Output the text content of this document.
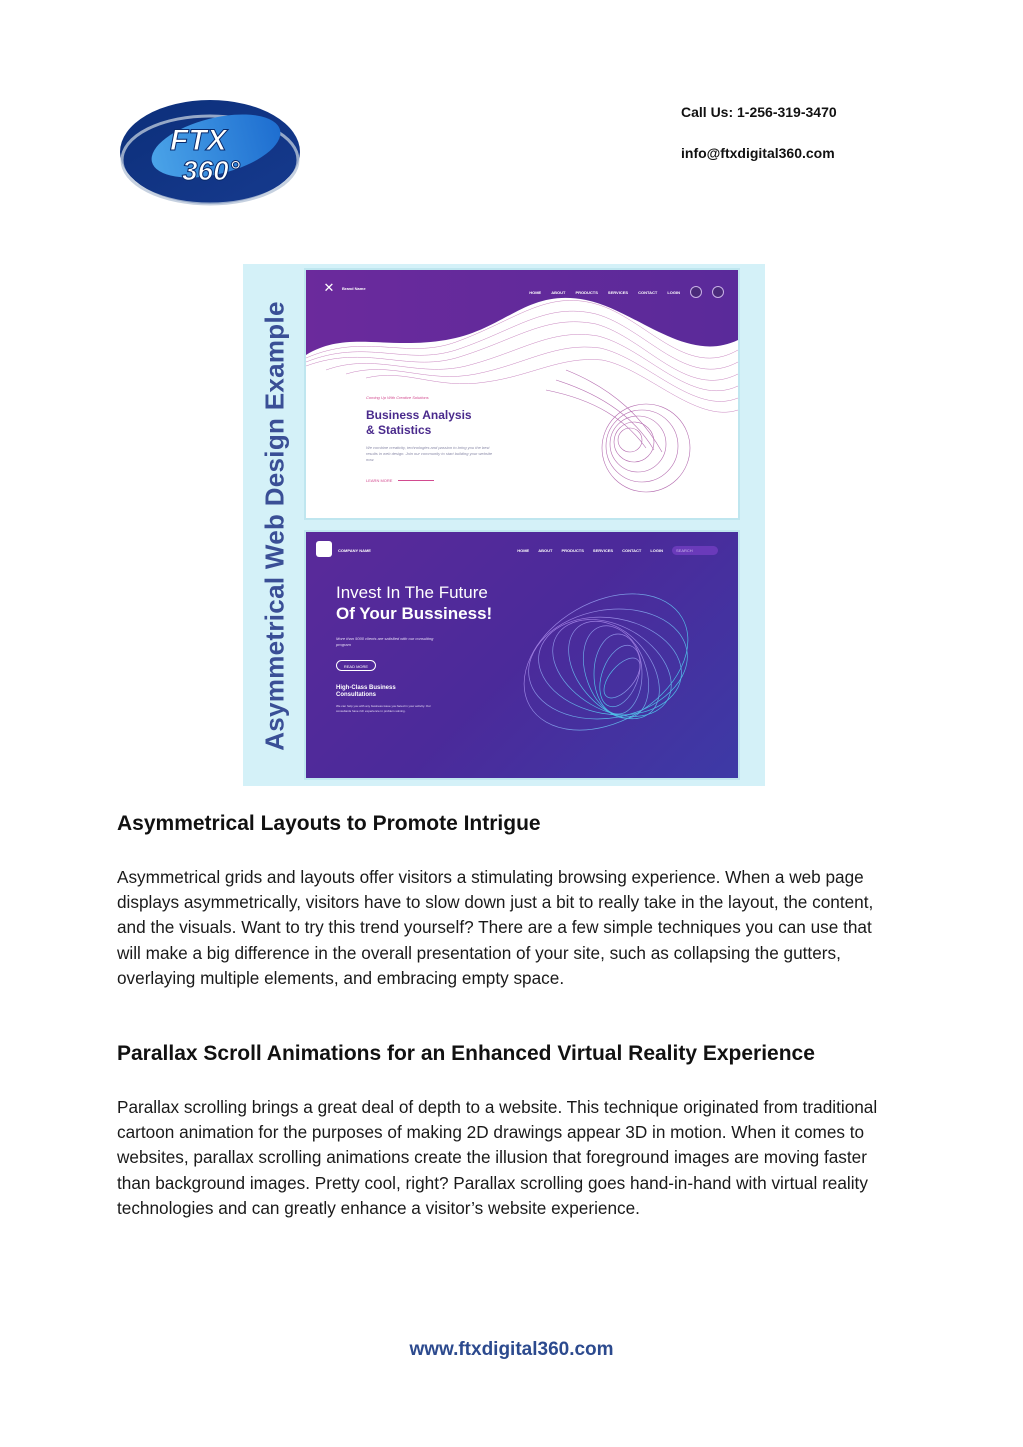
FTX
360°
Call Us: 1-256-319-3470
info@ftxdigital360.com
Asymmetrical Web Design Example
✕	Brand Name
HOME	ABOUT	PRODUCTS	SERVICES	CONTACT	LOGIN
Coming Up With Creative Solutions
Business Analysis
& Statistics
We combine creativity, technologies and passion to bring you the best results in web design. Join our community to start building your website now.
LEARN MORE
COMPANY NAME	HOME ABOUT PRODUCTS SERVICES CONTACT LOGIN	SEARCH
Invest In The Future
Of Your Bussiness!
More than 5000 clients are satisfied with our consulting program
READ MORE
High-Class Business Consultations
We can help you with any business issue you faced in your activity. Our consultants have rich experience in problem solving.
Asymmetrical Layouts to Promote Intrigue

Asymmetrical grids and layouts offer visitors a stimulating browsing experience. When a web page displays asymmetrically, visitors have to slow down just a bit to really take in the layout, the content, and the visuals. Want to try this trend yourself? There are a few simple techniques you can use that will make a big difference in the overall presentation of your site, such as collapsing the gutters, overlaying multiple elements, and embracing empty space.

Parallax Scroll Animations for an Enhanced Virtual Reality Experience

Parallax scrolling brings a great deal of depth to a website. This technique originated from traditional cartoon animation for the purposes of making 2D drawings appear 3D in motion. When it comes to websites, parallax scrolling animations create the illusion that foreground images are moving faster than background images. Pretty cool, right? Parallax scrolling goes hand-in-hand with virtual reality technologies and can greatly enhance a visitor’s website experience.

www.ftxdigital360.com
